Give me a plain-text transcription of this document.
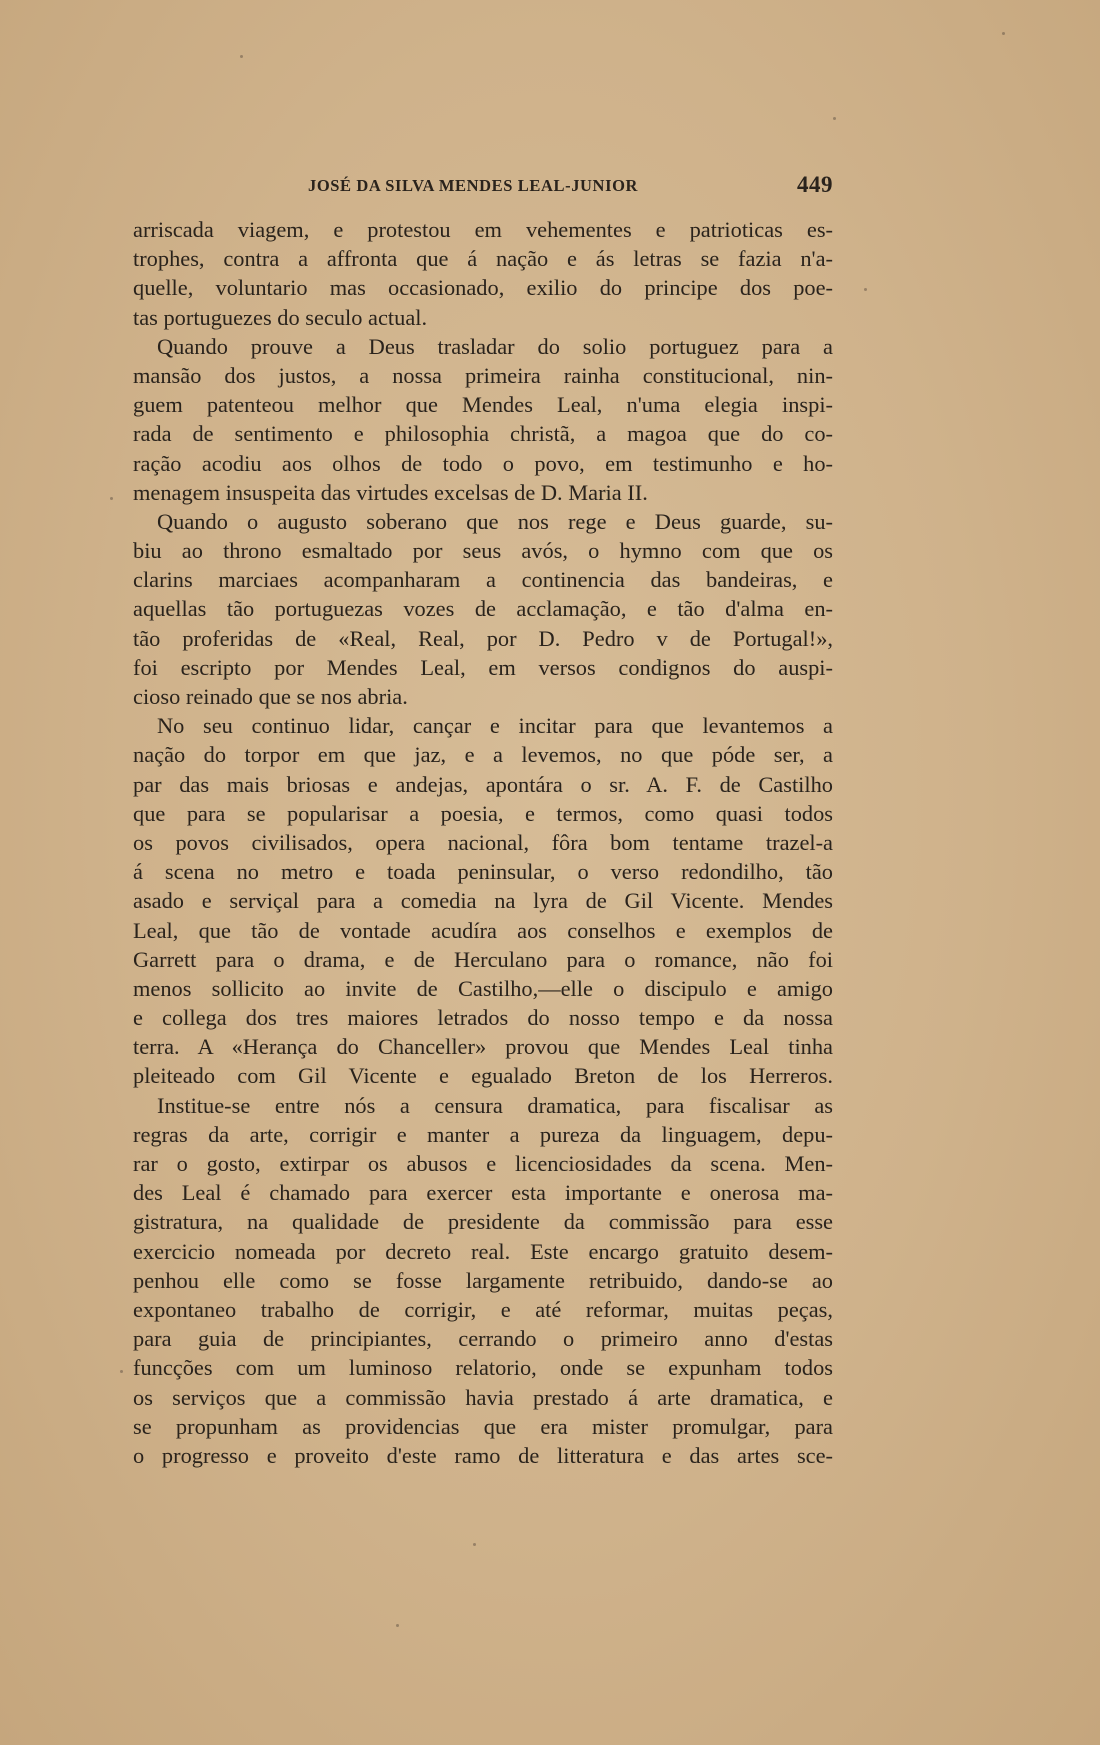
JOSÉ DA SILVA MENDES LEAL-JUNIOR	449
arriscada viagem, e protestou em vehementes e patrioticas es-
trophes, contra a affronta que á nação e ás letras se fazia n'a-
quelle, voluntario mas occasionado, exilio do principe dos poe-
tas portuguezes do seculo actual.
Quando prouve a Deus trasladar do solio portuguez para a
mansão dos justos, a nossa primeira rainha constitucional, nin-
guem patenteou melhor que Mendes Leal, n'uma elegia inspi-
rada de sentimento e philosophia christã, a magoa que do co-
ração acodiu aos olhos de todo o povo, em testimunho e ho-
menagem insuspeita das virtudes excelsas de D. Maria II.
Quando o augusto soberano que nos rege e Deus guarde, su-
biu ao throno esmaltado por seus avós, o hymno com que os
clarins marciaes acompanharam a continencia das bandeiras, e
aquellas tão portuguezas vozes de acclamação, e tão d'alma en-
tão proferidas de «Real, Real, por D. Pedro v de Portugal!»,
foi escripto por Mendes Leal, em versos condignos do auspi-
cioso reinado que se nos abria.
No seu continuo lidar, cançar e incitar para que levantemos a
nação do torpor em que jaz, e a levemos, no que póde ser, a
par das mais briosas e andejas, apontára o sr. A. F. de Castilho
que para se popularisar a poesia, e termos, como quasi todos
os povos civilisados, opera nacional, fôra bom tentame trazel-a
á scena no metro e toada peninsular, o verso redondilho, tão
asado e serviçal para a comedia na lyra de Gil Vicente. Mendes
Leal, que tão de vontade acudíra aos conselhos e exemplos de
Garrett para o drama, e de Herculano para o romance, não foi
menos sollicito ao invite de Castilho,—elle o discipulo e amigo
e collega dos tres maiores letrados do nosso tempo e da nossa
terra. A «Herança do Chanceller» provou que Mendes Leal tinha
pleiteado com Gil Vicente e egualado Breton de los Herreros.
Institue-se entre nós a censura dramatica, para fiscalisar as
regras da arte, corrigir e manter a pureza da linguagem, depu-
rar o gosto, extirpar os abusos e licenciosidades da scena. Men-
des Leal é chamado para exercer esta importante e onerosa ma-
gistratura, na qualidade de presidente da commissão para esse
exercicio nomeada por decreto real. Este encargo gratuito desem-
penhou elle como se fosse largamente retribuido, dando-se ao
expontaneo trabalho de corrigir, e até reformar, muitas peças,
para guia de principiantes, cerrando o primeiro anno d'estas
funcções com um luminoso relatorio, onde se expunham todos
os serviços que a commissão havia prestado á arte dramatica, e
se propunham as providencias que era mister promulgar, para
o progresso e proveito d'este ramo de litteratura e das artes sce-
